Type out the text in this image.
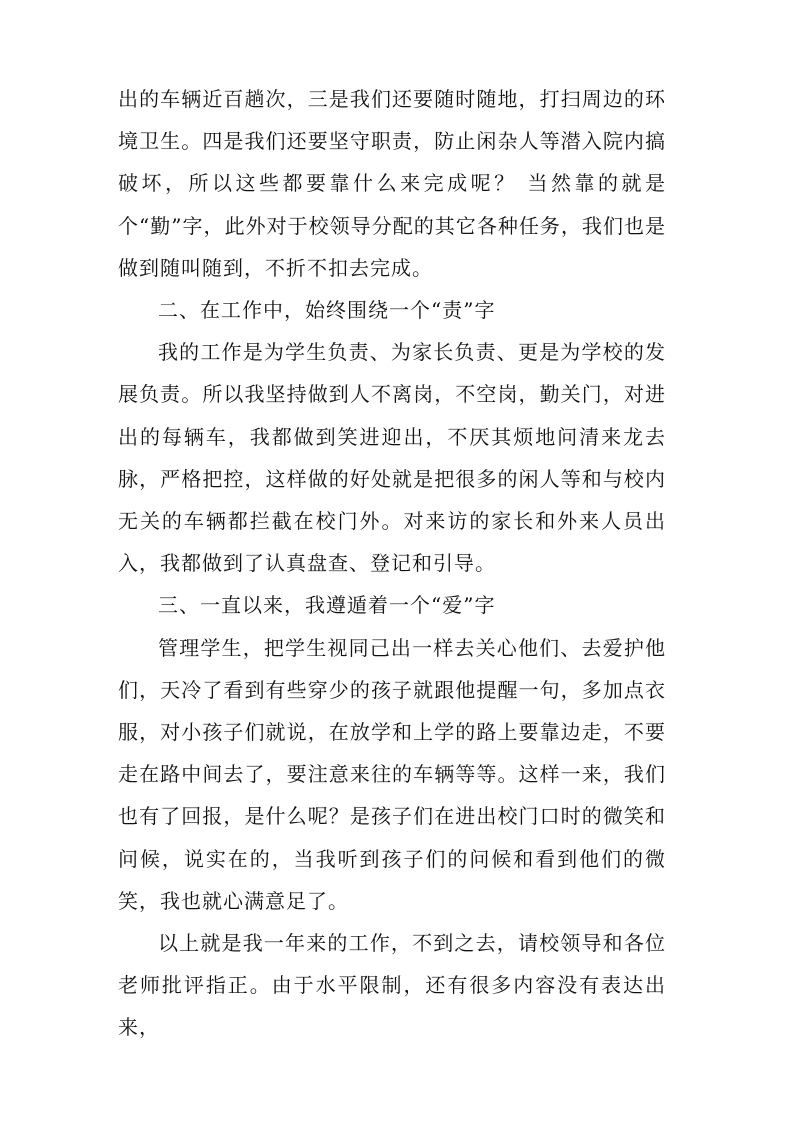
出的车辆近百趟次，三是我们还要随时随地，打扫周边的环境卫生。四是我们还要坚守职责，防止闲杂人等潜入院内搞破坏，所以这些都要靠什么来完成呢？ 当然靠的就是个“勤”字，此外对于校领导分配的其它各种任务，我们也是做到随叫随到，不折不扣去完成。

二、在工作中，始终围绕一个“责”字

我的工作是为学生负责、为家长负责、更是为学校的发展负责。所以我坚持做到人不离岗，不空岗，勤关门，对进出的每辆车，我都做到笑进迎出，不厌其烦地问清来龙去脉，严格把控，这样做的好处就是把很多的闲人等和与校内无关的车辆都拦截在校门外。对来访的家长和外来人员出入，我都做到了认真盘查、登记和引导。

三、一直以来，我遵遁着一个“爱”字

管理学生，把学生视同己出一样去关心他们、去爱护他们，天冷了看到有些穿少的孩子就跟他提醒一句，多加点衣服，对小孩子们就说，在放学和上学的路上要靠边走，不要走在路中间去了，要注意来往的车辆等等。这样一来，我们也有了回报，是什么呢？是孩子们在进出校门口时的微笑和问候，说实在的，当我听到孩子们的问候和看到他们的微笑，我也就心满意足了。

以上就是我一年来的工作，不到之去，请校领导和各位老师批评指正。由于水平限制，还有很多内容没有表达出来，
